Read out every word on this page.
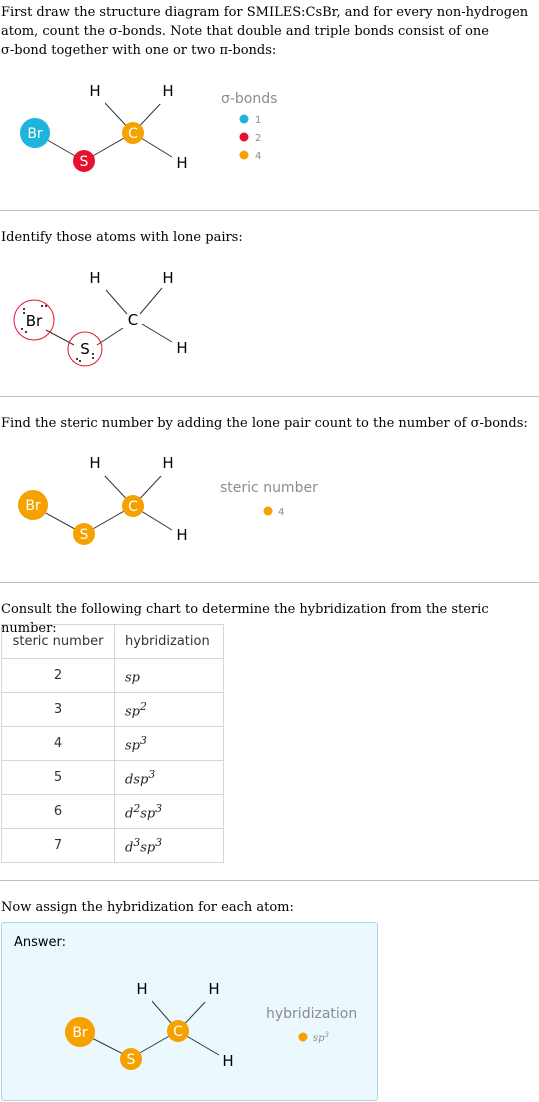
First draw the structure diagram for SMILES:CsBr, and for every non-hydrogen

atom, count the σ-bonds. Note that double and triple bonds consist of one

σ-bond together with one or two π-bonds:

Br
S
C
H	H
H
σ-bonds
1
2
4

Identify those atoms with lone pairs:

Br
S
C
H	H
H

Find the steric number by adding the lone pair count to the number of σ-bonds:

Br
S
C
H	H
H
steric number
4

Consult the following chart to determine the hybridization from the steric number:

steric number	hybridization
2	sp
3	$sp^2$
4	$sp^3$
5	dsp$^3$
6	$d^2sp^3$
7	$d^3sp^3$

Now assign the hybridization for each atom:

Answer:
Br
S
C
H	H
H
hybridization
$sp^3$
